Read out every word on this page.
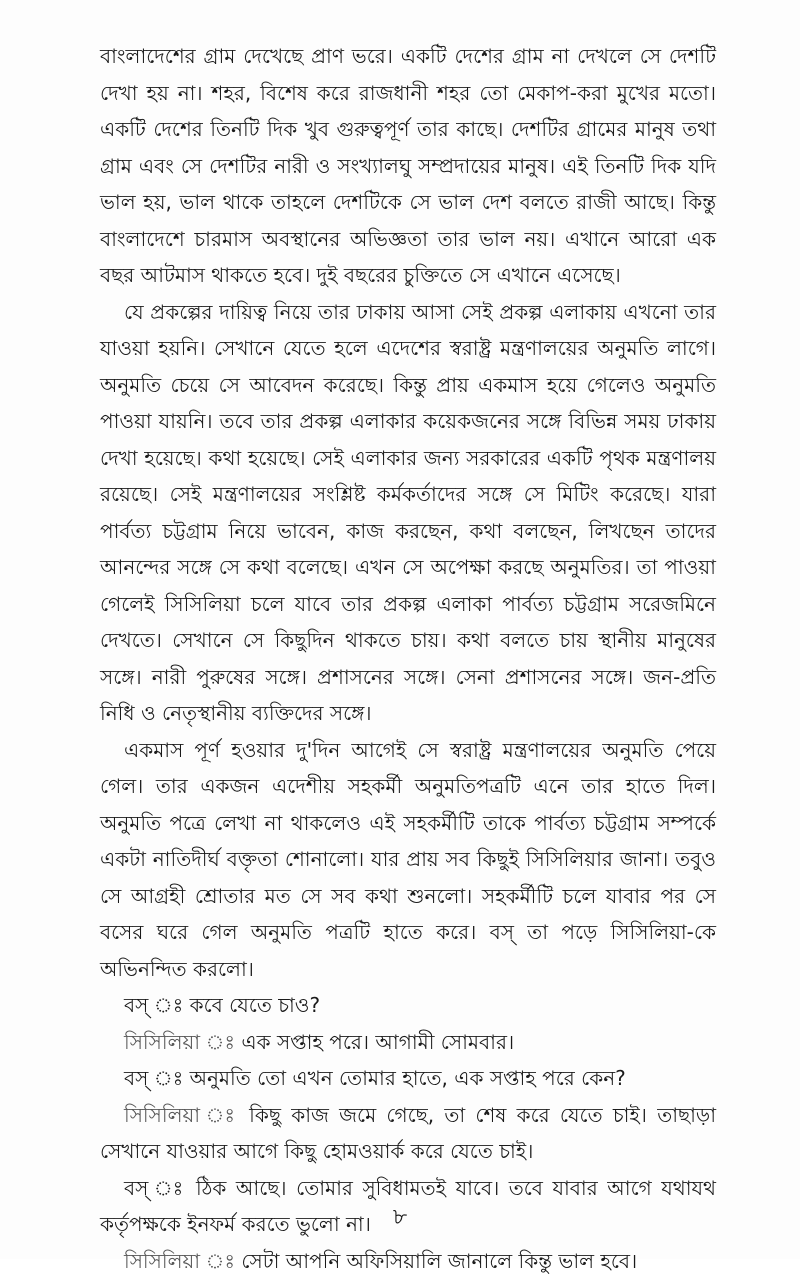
বাংলাদেশের গ্রাম দেখেছে প্রাণ ভরে। একটি দেশের গ্রাম না দেখলে সে দেশটি দেখা হয় না। শহর, বিশেষ করে রাজধানী শহর তো মেকাপ-করা মুখের মতো। একটি দেশের তিনটি দিক খুব গুরুত্বপূর্ণ তার কাছে। দেশটির গ্রামের মানুষ তথা গ্রাম এবং সে দেশটির নারী ও সংখ্যালঘু সম্প্রদায়ের মানুষ। এই তিনটি দিক যদি ভাল হয়, ভাল থাকে তাহলে দেশটিকে সে ভাল দেশ বলতে রাজী আছে। কিন্তু বাংলাদেশে চারমাস অবস্থানের অভিজ্ঞতা তার ভাল নয়। এখানে আরো এক বছর আটমাস থাকতে হবে। দুই বছরের চুক্তিতে সে এখানে এসেছে।

যে প্রকল্পের দায়িত্ব নিয়ে তার ঢাকায় আসা সেই প্রকল্প এলাকায় এখনো তার যাওয়া হয়নি। সেখানে যেতে হলে এদেশের স্বরাষ্ট্র মন্ত্রণালয়ের অনুমতি লাগে। অনুমতি চেয়ে সে আবেদন করেছে। কিন্তু প্রায় একমাস হয়ে গেলেও অনুমতি পাওয়া যায়নি। তবে তার প্রকল্প এলাকার কয়েকজনের সঙ্গে বিভিন্ন সময় ঢাকায় দেখা হয়েছে। কথা হয়েছে। সেই এলাকার জন্য সরকারের একটি পৃথক মন্ত্রণালয় রয়েছে। সেই মন্ত্রণালয়ের সংশ্লিষ্ট কর্মকর্তাদের সঙ্গে সে মিটিং করেছে। যারা পার্বত্য চট্টগ্রাম নিয়ে ভাবেন, কাজ করছেন, কথা বলছেন, লিখছেন তাদের আনন্দের সঙ্গে সে কথা বলেছে। এখন সে অপেক্ষা করছে অনুমতির। তা পাওয়া গেলেই সিসিলিয়া চলে যাবে তার প্রকল্প এলাকা পার্বত্য চট্টগ্রাম সরেজমিনে দেখতে। সেখানে সে কিছুদিন থাকতে চায়। কথা বলতে চায় স্থানীয় মানুষের সঙ্গে। নারী পুরুষের সঙ্গে। প্রশাসনের সঙ্গে। সেনা প্রশাসনের সঙ্গে। জন-প্রতি নিধি ও নেতৃস্থানীয় ব্যক্তিদের সঙ্গে।

একমাস পূর্ণ হওয়ার দু'দিন আগেই সে স্বরাষ্ট্র মন্ত্রণালয়ের অনুমতি পেয়ে গেল। তার একজন এদেশীয় সহকর্মী অনুমতিপত্রটি এনে তার হাতে দিল। অনুমতি পত্রে লেখা না থাকলেও এই সহকর্মীটি তাকে পার্বত্য চট্টগ্রাম সম্পর্কে একটা নাতিদীর্ঘ বক্তৃতা শোনালো। যার প্রায় সব কিছুই সিসিলিয়ার জানা। তবুও সে আগ্রহী শ্রোতার মত সে সব কথা শুনলো। সহকর্মীটি চলে যাবার পর সে বসের ঘরে গেল অনুমতি পত্রটি হাতে করে। বস্ তা পড়ে সিসিলিয়া-কে অভিনন্দিত করলো।

বস্ ঃ কবে যেতে চাও?

সিসিলিয়া ঃ এক সপ্তাহ পরে। আগামী সোমবার।

বস্ ঃ অনুমতি তো এখন তোমার হাতে, এক সপ্তাহ পরে কেন?

সিসিলিয়া ঃ কিছু কাজ জমে গেছে, তা শেষ করে যেতে চাই। তাছাড়া সেখানে যাওয়ার আগে কিছু হোমওয়ার্ক করে যেতে চাই।

বস্ ঃ ঠিক আছে। তোমার সুবিধামতই যাবে। তবে যাবার আগে যথাযথ কর্তৃপক্ষকে ইনফর্ম করতে ভুলো না।

সিসিলিয়া ঃ সেটা আপনি অফিসিয়ালি জানালে কিন্তু ভাল হবে।

৮
